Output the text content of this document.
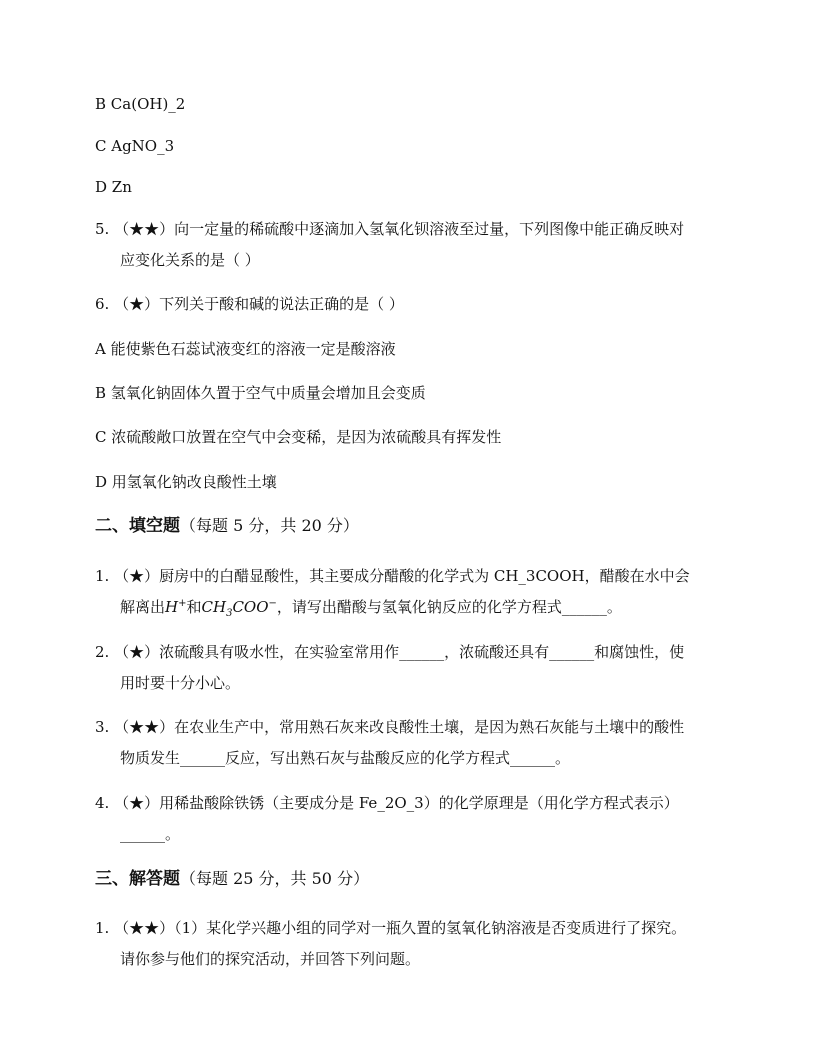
B Ca(OH)_2
C AgNO_3
D Zn
5. （★★）向一定量的稀硫酸中逐滴加入氢氧化钡溶液至过量，下列图像中能正确反映对
应变化关系的是（ ）
6. （★）下列关于酸和碱的说法正确的是（ ）
A 能使紫色石蕊试液变红的溶液一定是酸溶液
B 氢氧化钠固体久置于空气中质量会增加且会变质
C 浓硫酸敞口放置在空气中会变稀，是因为浓硫酸具有挥发性
D 用氢氧化钠改良酸性土壤
二、填空题（每题 5 分，共 20 分）
1. （★）厨房中的白醋显酸性，其主要成分醋酸的化学式为 CH_3COOH，醋酸在水中会
解离出H+和$CH_3COO^-$，请写出醋酸与氢氧化钠反应的化学方程式______。
2. （★）浓硫酸具有吸水性，在实验室常用作______，浓硫酸还具有______和腐蚀性，使
用时要十分小心。
3. （★★）在农业生产中，常用熟石灰来改良酸性土壤，是因为熟石灰能与土壤中的酸性
物质发生______反应，写出熟石灰与盐酸反应的化学方程式______。
4. （★）用稀盐酸除铁锈（主要成分是 Fe_2O_3）的化学原理是（用化学方程式表示）
______。
三、解答题（每题 25 分，共 50 分）
1. （★★）（1）某化学兴趣小组的同学对一瓶久置的氢氧化钠溶液是否变质进行了探究。
请你参与他们的探究活动，并回答下列问题。
